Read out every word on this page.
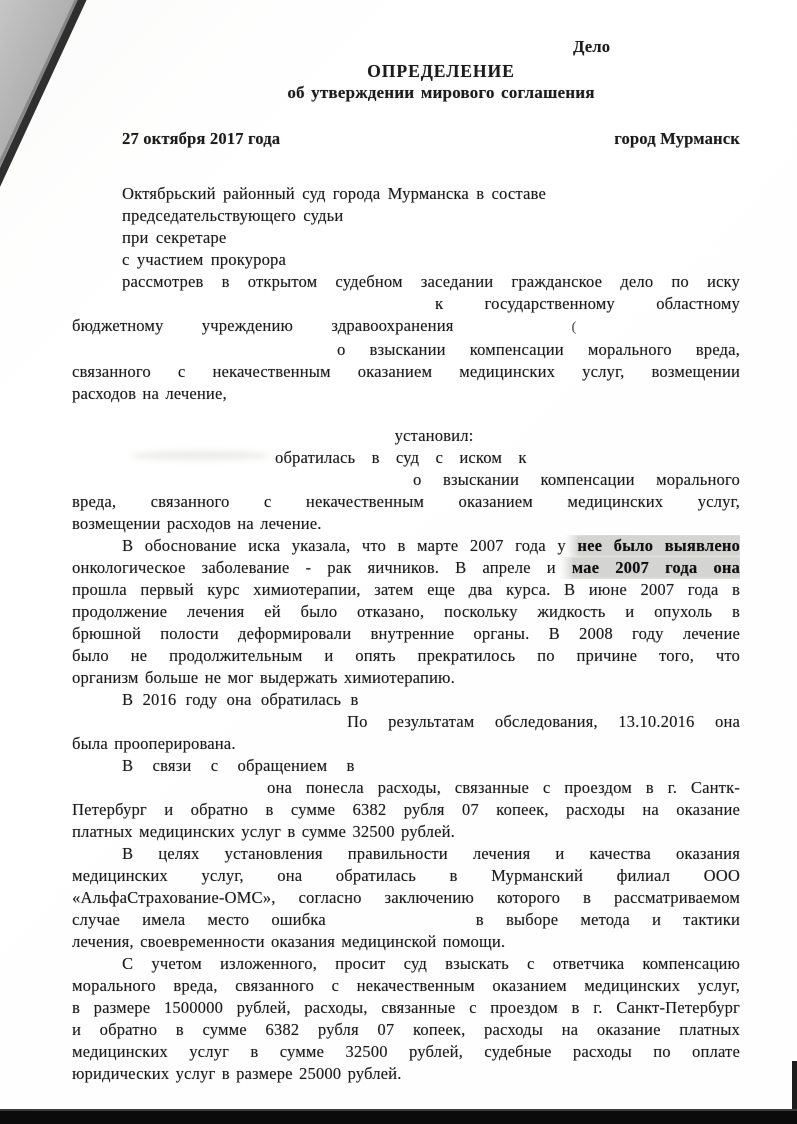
Дело
ОПРЕДЕЛЕНИЕ
об утверждении мирового соглашения
27 октября 2017 года	город Мурманск
Октябрьский районный суд города Мурманска в составе
председательствующего судьи
при секретаре
с участием прокурора
рассмотрев в открытом судебном заседании гражданское дело по иску
к государственному областному
бюджетному учреждению здравоохранения	(
о взыскании компенсации морального вреда,
связанного с некачественным оказанием медицинских услуг, возмещении
расходов на лечение,
установил:
обратилась в суд с иском к
о взыскании компенсации морального
вреда, связанного с некачественным оказанием медицинских услуг,
возмещении расходов на лечение.
В обоснование иска указала, что в марте 2007 года у нее было выявлено
онкологическое заболевание - рак яичников. В апреле и мае 2007 года она
прошла первый курс химиотерапии, затем еще два курса. В июне 2007 года в
продолжение лечения ей было отказано, поскольку жидкость и опухоль в
брюшной полости деформировали внутренние органы. В 2008 году лечение
было не продолжительным и опять прекратилось по причине того, что
организм больше не мог выдержать химиотерапию.
В 2016 году она обратилась в
По результатам обследования, 13.10.2016 она
была прооперирована.
В связи с обращением в
она понесла расходы, связанные с проездом в г. Сантк-
Петербург и обратно в сумме 6382 рубля 07 копеек, расходы на оказание
платных медицинских услуг в сумме 32500 рублей.
В целях установления правильности лечения и качества оказания
медицинских услуг, она обратилась в Мурманский филиал ООО
«АльфаСтрахование-ОМС», согласно заключению которого в рассматриваемом
случае имела место ошибка	в выборе метода и тактики
лечения, своевременности оказания медицинской помощи.
С учетом изложенного, просит суд взыскать с ответчика компенсацию
морального вреда, связанного с некачественным оказанием медицинских услуг,
в размере 1500000 рублей, расходы, связанные с проездом в г. Санкт-Петербург
и обратно в сумме 6382 рубля 07 копеек, расходы на оказание платных
медицинских услуг в сумме 32500 рублей, судебные расходы по оплате
юридических услуг в размере 25000 рублей.
